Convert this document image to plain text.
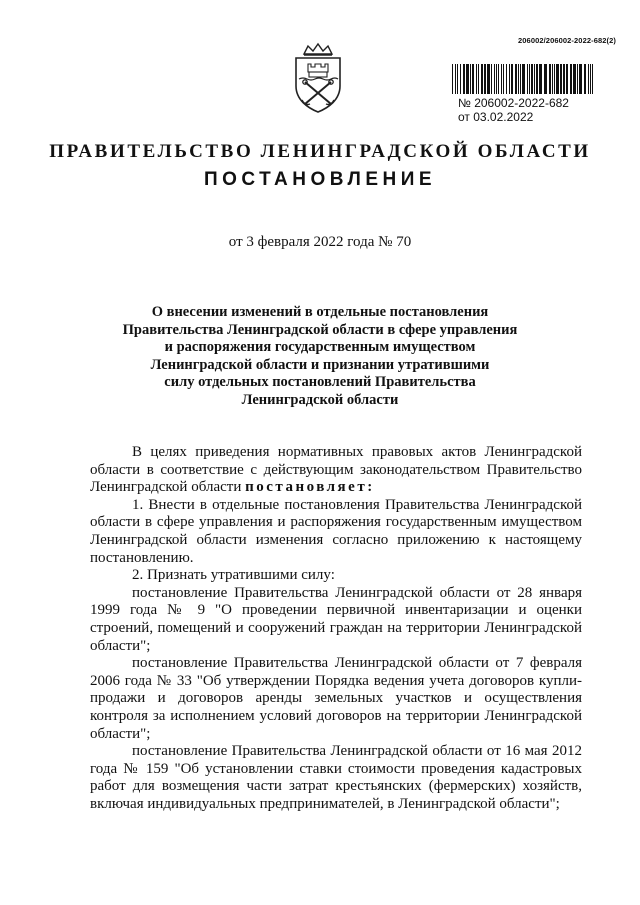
206002/206002-2022-682(2)
№ 206002-2022-682
от 03.02.2022
ПРАВИТЕЛЬСТВО ЛЕНИНГРАДСКОЙ ОБЛАСТИ
ПОСТАНОВЛЕНИЕ
от 3 февраля 2022 года № 70
О внесении изменений в отдельные постановления
Правительства Ленинградской области в сфере управления
и распоряжения государственным имуществом
Ленинградской области и признании утратившими
силу отдельных постановлений Правительства
Ленинградской области

В целях приведения нормативных правовых актов Ленинградской области в соответствие с действующим законодательством Правительство Ленинградской области постановляет:

1. Внести в отдельные постановления Правительства Ленинградской области в сфере управления и распоряжения государственным имуществом Ленинградской области изменения согласно приложению к настоящему постановлению.

2. Признать утратившими силу:

постановление Правительства Ленинградской области от 28 января 1999 года № 9 "О проведении первичной инвентаризации и оценки строений, помещений и сооружений граждан на территории Ленинградской области";

постановление Правительства Ленинградской области от 7 февраля 2006 года № 33 "Об утверждении Порядка ведения учета договоров купли-продажи и договоров аренды земельных участков и осуществления контроля за исполнением условий договоров на территории Ленинградской области";

постановление Правительства Ленинградской области от 16 мая 2012 года № 159 "Об установлении ставки стоимости проведения кадастровых работ для возмещения части затрат крестьянских (фермерских) хозяйств, включая индивидуальных предпринимателей, в Ленинградской области";
